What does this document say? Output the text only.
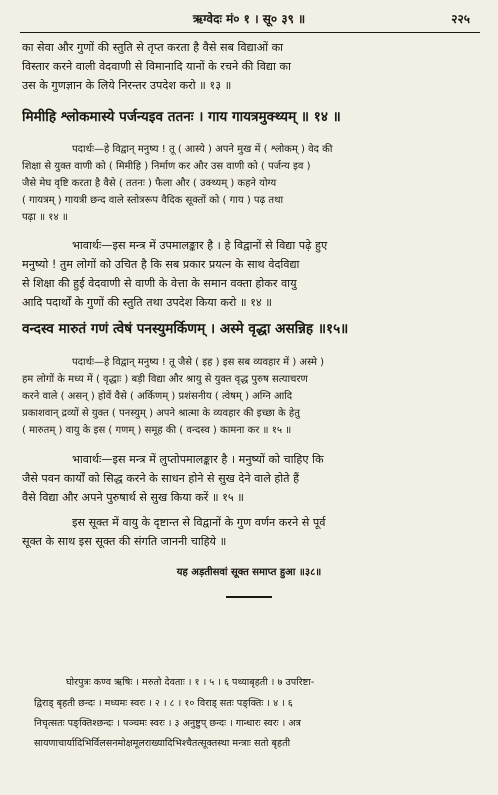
ऋग्वेदः मं० १ । सू० ३९ ॥	२२५
का सेवा और गुणों की स्तुति से तृप्त करता है वैसे सब विद्याओं का
विस्तार करने वाली वेदवाणी से विमानादि यानों के रचने की विद्या का
उस के गुणज्ञान के लिये निरन्तर उपदेश करो ॥ १३ ॥
मिमीहि श्लोकमास्ये पर्जन्यइव ततनः । गाय गायत्रमुक्थ्यम् ॥ १४ ॥
पदार्थः—हे विद्वान् मनुष्य ! तू ( आस्ये ) अपने मुख में ( श्लोकम् ) वेद की
शिक्षा से युक्त वाणी को ( मिमीहि ) निर्माण कर और उस वाणी को ( पर्जन्य इव )
जैसे मेघ वृष्टि करता है वैसे ( ततनः ) फैला और ( उक्थ्यम् ) कहने योग्य
( गायत्रम् ) गायत्री छन्द वाले स्तोत्ररूप वैदिक सूक्तों को ( गाय ) पढ़ तथा
पढ़ा ॥ १४ ॥
भावार्थः—इस मन्त्र में उपमालङ्कार है । हे विद्वानों से विद्या पढ़े हुए
मनुष्यो ! तुम लोगों को उचित है कि सब प्रकार प्रयत्न के साथ वेदविद्या
से शिक्षा की हुई वेदवाणी से वाणी के वेत्ता के समान वक्ता होकर वायु
आदि पदार्थों के गुणों की स्तुति तथा उपदेश किया करो ॥ १४ ॥
वन्दस्व मारुतं गणं त्वेषं पनस्युमर्किणम् । अस्मे वृद्धा असन्निह ॥१५॥
पदार्थः—हे विद्वान् मनुष्य ! तू जैसे ( इह ) इस सब व्यवहार में ) अस्मे )
हम लोगों के मध्य में ( वृद्धाः ) बड़ी विद्या और श्रायु से युक्त वृद्ध पुरुष सत्याचरण
करने वाले ( असन् ) होवें वैसे ( अर्किणम् ) प्रशंसनीय ( त्वेषम् ) अग्नि आदि
प्रकाशवान् द्रव्यों से युक्त ( पनस्युम् ) अपने श्रात्मा के व्यवहार की इच्छा के हेतु
( मारुतम् ) वायु के इस ( गणम् ) समूह की ( वन्दस्व ) कामना कर ॥ १५ ॥
भावार्थः—इस मन्त्र में लुप्तोपमालङ्कार है । मनुष्यों को चाहिए कि
जैसे पवन कार्यों को सिद्ध करने के साधन होने से सुख देने वाले होते हैं
वैसे विद्या और अपने पुरुषार्थ से सुख किया करें ॥ १५ ॥
इस सूक्त में वायु के दृष्टान्त से विद्वानों के गुण वर्णन करने से पूर्व
सूक्त के साथ इस सूक्त की संगति जाननी चाहिये ॥
यह अड़तीसवां सूक्त समाप्त हुआ ॥३८॥
घोरपुत्रः कण्व ऋषिः । मरुतो देवताः । १ । ५ । ६ पथ्याबृहती । ७ उपरिष्टा-
द्विराड् बृहती छन्दः । मध्यमः स्वरः । २ । ८ । १० विराड् सतः पङ्क्तिः । ४ । ६
निचृत्सतः पङ्क्तिश्छन्दः । पञ्चमः स्वरः । ३ अनुष्टुप् छन्दः । गान्धारः स्वरः । अत्र
सायणाचार्यादिभिर्विलसनमोक्षमूलराख्यादिभिश्चैतत्सूक्तस्था मन्त्राः सतो बृहती
